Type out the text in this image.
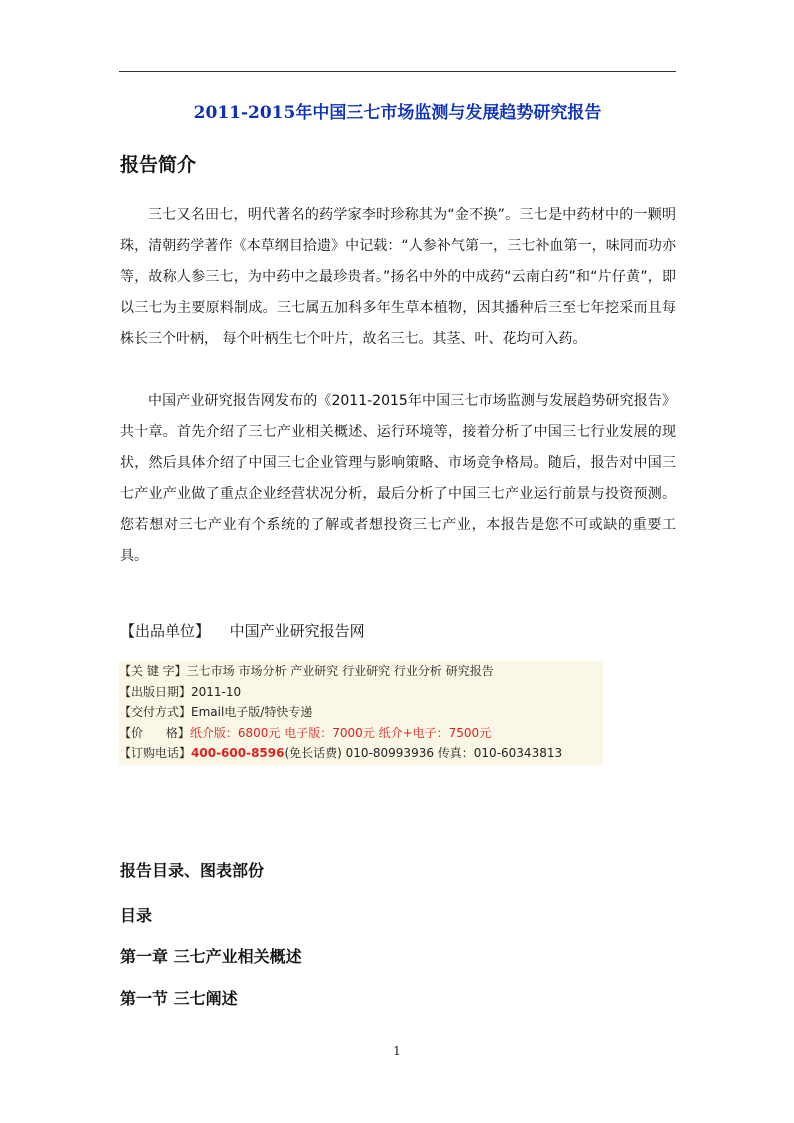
2011-2015年中国三七市场监测与发展趋势研究报告
报告简介

三七又名田七，明代著名的药学家李时珍称其为“金不换”。三七是中药材中的一颗明珠，清朝药学著作《本草纲目拾遗》中记载：“人参补气第一，三七补血第一，味同而功亦等，故称人参三七，为中药中之最珍贵者。”扬名中外的中成药“云南白药”和“片仔黄”，即以三七为主要原料制成。三七属五加科多年生草本植物，因其播种后三至七年挖采而且每株长三个叶柄， 每个叶柄生七个叶片，故名三七。其茎、叶、花均可入药。

中国产业研究报告网发布的《2011-2015年中国三七市场监测与发展趋势研究报告》共十章。首先介绍了三七产业相关概述、运行环境等，接着分析了中国三七行业发展的现状，然后具体介绍了中国三七企业管理与影响策略、市场竞争格局。随后，报告对中国三七产业产业做了重点企业经营状况分析，最后分析了中国三七产业运行前景与投资预测。您若想对三七产业有个系统的了解或者想投资三七产业，本报告是您不可或缺的重要工具。

【出品单位】 中国产业研究报告网
【关 键 字】三七市场 市场分析 产业研究 行业研究 行业分析 研究报告
【出版日期】2011-10
【交付方式】Email电子版/特快专递
【价      格】纸介版：6800元 电子版：7000元 纸介+电子：7500元
【订购电话】400-600-8596(免长话费) 010-80993936 传真：010-60343813
报告目录、图表部份
目录
第一章 三七产业相关概述
第一节 三七阐述
1
